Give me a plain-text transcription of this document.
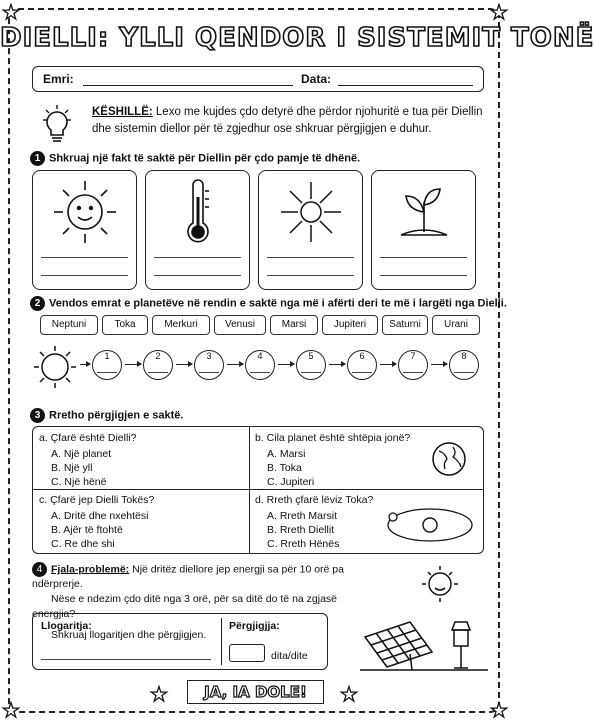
★	★
★	★
★	★
DIELLI: YLLI QENDOR I SISTEMIT TONË
Emri:	Data:
KËSHILLË: Lexo me kujdes çdo detyrë dhe përdor njohuritë e tua për Diellin dhe sistemin diellor për të zgjedhur ose shkruar përgjigjen e duhur.
1 Shkruaj një fakt të saktë për Diellin për çdo pamje të dhënë.
2 Vendos emrat e planetëve në rendin e saktë nga më i afërti deri te më i largëti nga Dielli.
Neptuni	Toka	Merkuri	Venusi	Marsi	Jupiteri	Saturni	Urani
1	2	3	4	5	6	7	8
3 Rretho përgjigjen e saktë.
a. Çfarë është Dielli?
A. Një planet
B. Një yll
C. Një hënë
b. Cila planet është shtëpia jonë?
A. Marsi
B. Toka
C. Jupiteri
c. Çfarë jep Dielli Tokës?
A. Dritë dhe nxehtësi
B. Ajër të ftohtë
C. Re dhe shi
d. Rreth çfarë lëviz Toka?
A. Rreth Marsit
B. Rreth Diellit
C. Rreth Hënës
4 Fjala-problemë: Një dritëz diellore jep energji sa për 10 orë pa ndërprerje.
Nëse e ndezim çdo ditë nga 3 orë, për sa ditë do të na zgjasë energjia?
Shkruaj llogaritjen dhe përgjigjen.
Llogaritja:	Përgjigjja:
dita/dite
JA, IA DOLE!
